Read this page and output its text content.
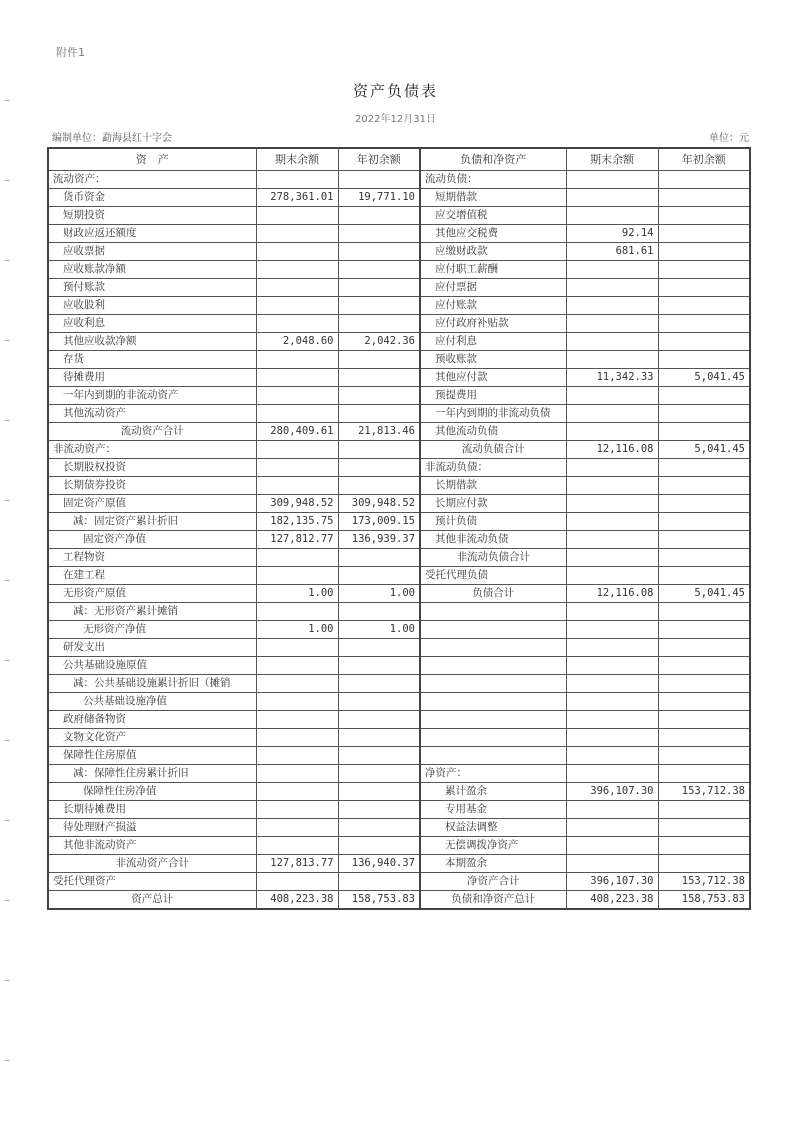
附件1
资产负债表
2022年12月31日
编制单位：勐海县红十字会	单位：元
资　产	期末余额	年初余额	负债和净资产	期末余额	年初余额
流动资产：			流动负债：		
货币资金	278,361.01	19,771.10	短期借款		
短期投资			应交增值税		
财政应返还额度			其他应交税费	92.14	
应收票据			应缴财政款	681.61	
应收账款净额			应付职工薪酬		
预付账款			应付票据		
应收股利			应付账款		
应收利息			应付政府补贴款		
其他应收款净额	2,048.60	2,042.36	应付利息		
存货			预收账款		
待摊费用			其他应付款	11,342.33	5,041.45
一年内到期的非流动资产			预提费用		
其他流动资产			一年内到期的非流动负债		
流动资产合计	280,409.61	21,813.46	其他流动负债		
非流动资产：			流动负债合计	12,116.08	5,041.45
长期股权投资			非流动负债：		
长期债券投资			长期借款		
固定资产原值	309,948.52	309,948.52	长期应付款		
减：固定资产累计折旧	182,135.75	173,009.15	预计负债		
固定资产净值	127,812.77	136,939.37	其他非流动负债		
工程物资			非流动负债合计		
在建工程			受托代理负债		
无形资产原值	1.00	1.00	负债合计	12,116.08	5,041.45
减：无形资产累计摊销					
无形资产净值	1.00	1.00			
研发支出					
公共基础设施原值					
减：公共基础设施累计折旧（摊销					
公共基础设施净值					
政府储备物资					
文物文化资产					
保障性住房原值					
减：保障性住房累计折旧			净资产：		
保障性住房净值			累计盈余	396,107.30	153,712.38
长期待摊费用			专用基金		
待处理财产损溢			权益法调整		
其他非流动资产			无偿调拨净资产		
非流动资产合计	127,813.77	136,940.37	本期盈余		
受托代理资产			净资产合计	396,107.30	153,712.38
资产总计	408,223.38	158,753.83	负债和净资产总计	408,223.38	158,753.83
